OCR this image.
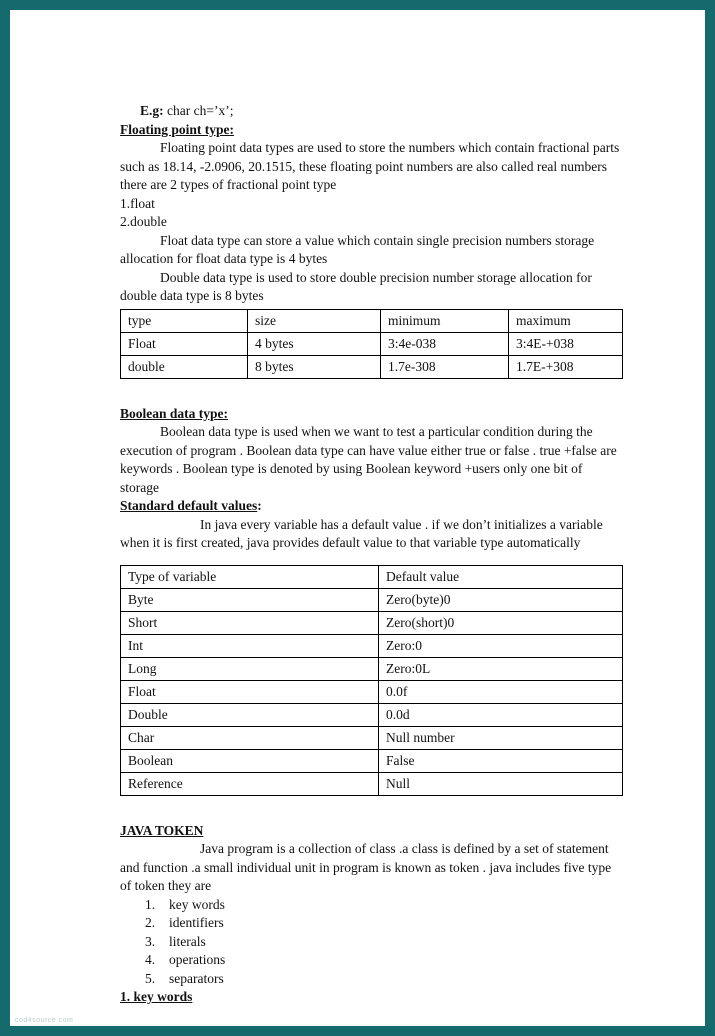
E.g: char ch=’x’;

Floating point type:

Floating point data types are used to store the numbers which contain fractional parts such as 18.14, -2.0906, 20.1515, these floating point numbers are also called real numbers there are 2 types of fractional point type

1.float

2.double

Float data type can store a value which contain single precision numbers storage allocation for float data type is 4 bytes

Double data type is used to store double precision number storage allocation for double data type is 8 bytes

type	size	minimum	maximum
Float	4 bytes	3:4e-038	3:4E-+038
double	8 bytes	1.7e-308	1.7E-+308

Boolean data type:

Boolean data type is used when we want to test a particular condition during the execution of program . Boolean data type can have value either true or false . true +false are keywords . Boolean type is denoted by using Boolean keyword +users only one bit of storage

Standard default values:

In java every variable has a default value . if we don’t initializes a variable when it is first created, java provides default value to that variable type automatically

Type of variable	Default value
Byte	Zero(byte)0
Short	Zero(short)0
Int	Zero:0
Long	Zero:0L
Float	0.0f
Double	0.0d
Char	Null number
Boolean	False
Reference	Null

JAVA TOKEN

Java program is a collection of class .a class is defined by a set of statement and function .a small individual unit in program is known as token . java includes five type of token they are

1.	key words
2.	identifiers
3.	literals
4.	operations
5.	separators

1. key words

cod4source.com
